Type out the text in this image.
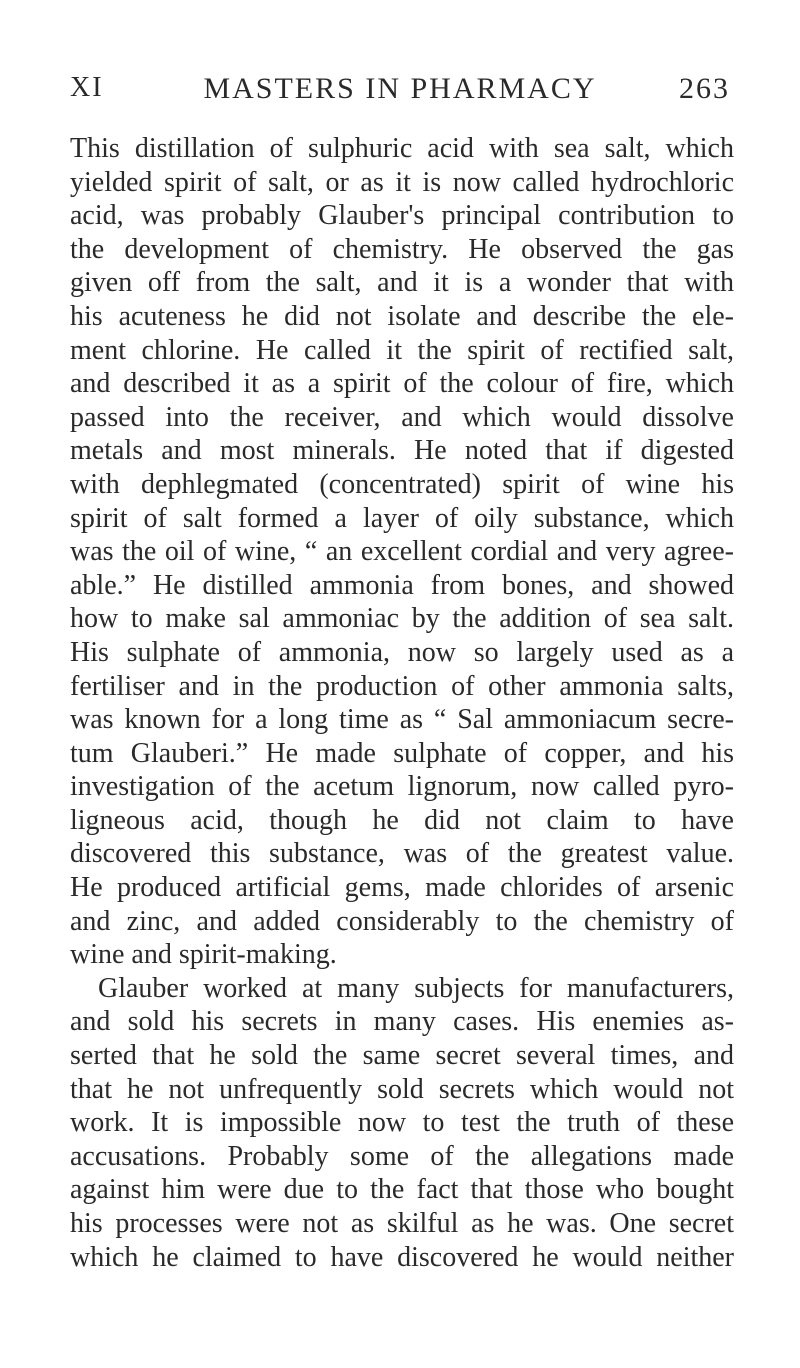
XI	MASTERS IN PHARMACY	263
This distillation of sulphuric acid with sea salt, which
yielded spirit of salt, or as it is now called hydrochloric
acid, was probably Glauber's principal contribution to
the development of chemistry. He observed the gas
given off from the salt, and it is a wonder that with
his acuteness he did not isolate and describe the ele-
ment chlorine. He called it the spirit of rectified salt,
and described it as a spirit of the colour of fire, which
passed into the receiver, and which would dissolve
metals and most minerals. He noted that if digested
with dephlegmated (concentrated) spirit of wine his
spirit of salt formed a layer of oily substance, which
was the oil of wine, “ an excellent cordial and very agree-
able.” He distilled ammonia from bones, and showed
how to make sal ammoniac by the addition of sea salt.
His sulphate of ammonia, now so largely used as a
fertiliser and in the production of other ammonia salts,
was known for a long time as “ Sal ammoniacum secre-
tum Glauberi.” He made sulphate of copper, and his
investigation of the acetum lignorum, now called pyro-
ligneous acid, though he did not claim to have
discovered this substance, was of the greatest value.
He produced artificial gems, made chlorides of arsenic
and zinc, and added considerably to the chemistry of
wine and spirit-making.
Glauber worked at many subjects for manufacturers,
and sold his secrets in many cases. His enemies as-
serted that he sold the same secret several times, and
that he not unfrequently sold secrets which would not
work. It is impossible now to test the truth of these
accusations. Probably some of the allegations made
against him were due to the fact that those who bought
his processes were not as skilful as he was. One secret
which he claimed to have discovered he would neither
